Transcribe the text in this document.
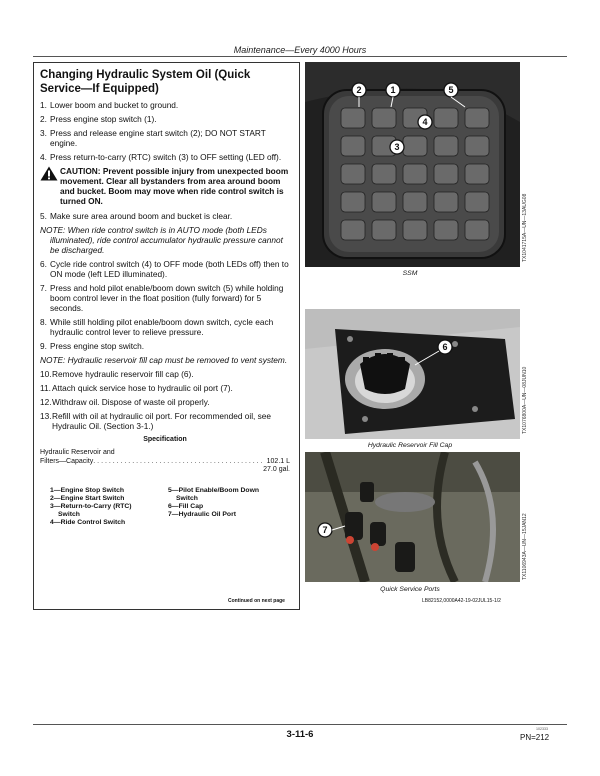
Maintenance—Every 4000 Hours
Changing Hydraulic System Oil (Quick Service—If Equipped)
1. Lower boom and bucket to ground.
2. Press engine stop switch (1).
3. Press and release engine start switch (2); DO NOT START engine.
4. Press return-to-carry (RTC) switch (3) to OFF setting (LED off).
CAUTION: Prevent possible injury from unexpected boom movement. Clear all bystanders from area around boom and bucket. Boom may move when ride control switch is turned ON.
5. Make sure area around boom and bucket is clear.
NOTE: When ride control switch is in AUTO mode (both LEDs illuminated), ride control accumulator hydraulic pressure cannot be discharged.
6. Cycle ride control switch (4) to OFF mode (both LEDs off) then to ON mode (left LED illuminated).
7. Press and hold pilot enable/boom down switch (5) while holding boom control lever in the float position (fully forward) for 5 seconds.
8. While still holding pilot enable/boom down switch, cycle each hydraulic control lever to relieve pressure.
9. Press engine stop switch.
NOTE: Hydraulic reservoir fill cap must be removed to vent system.
10. Remove hydraulic reservoir fill cap (6).
11. Attach quick service hose to hydraulic oil port (7).
12. Withdraw oil. Dispose of waste oil properly.
13. Refill with oil at hydraulic oil port. For recommended oil, see Hydraulic Oil. (Section 3-1.)
Specification
Hydraulic Reservoir and
Filters—Capacity . . . . . . . . . . . . . . . . . . . . . . . . . . . . . . . . . . . . . . . . . . . . 102.1 L
27.0 gal.
1—Engine Stop Switch
2—Engine Start Switch
3—Return-to-Carry (RTC)
Switch
4—Ride Control Switch
5—Pilot Enable/Boom Down
Switch
6—Fill Cap
7—Hydraulic Oil Port
Continued on next page	LB82152,0000A42-19-02JUL15-1/2
2	1	5
4
3
TX1041715A—UN—13AUG08
SSM
6
TX1076800A—UN—08JUN10
Hydraulic Reservoir Fill Cap
7	TX1106943A—UN—15JAN12
Quick Service Ports
3-11-6	102333
PN=212
